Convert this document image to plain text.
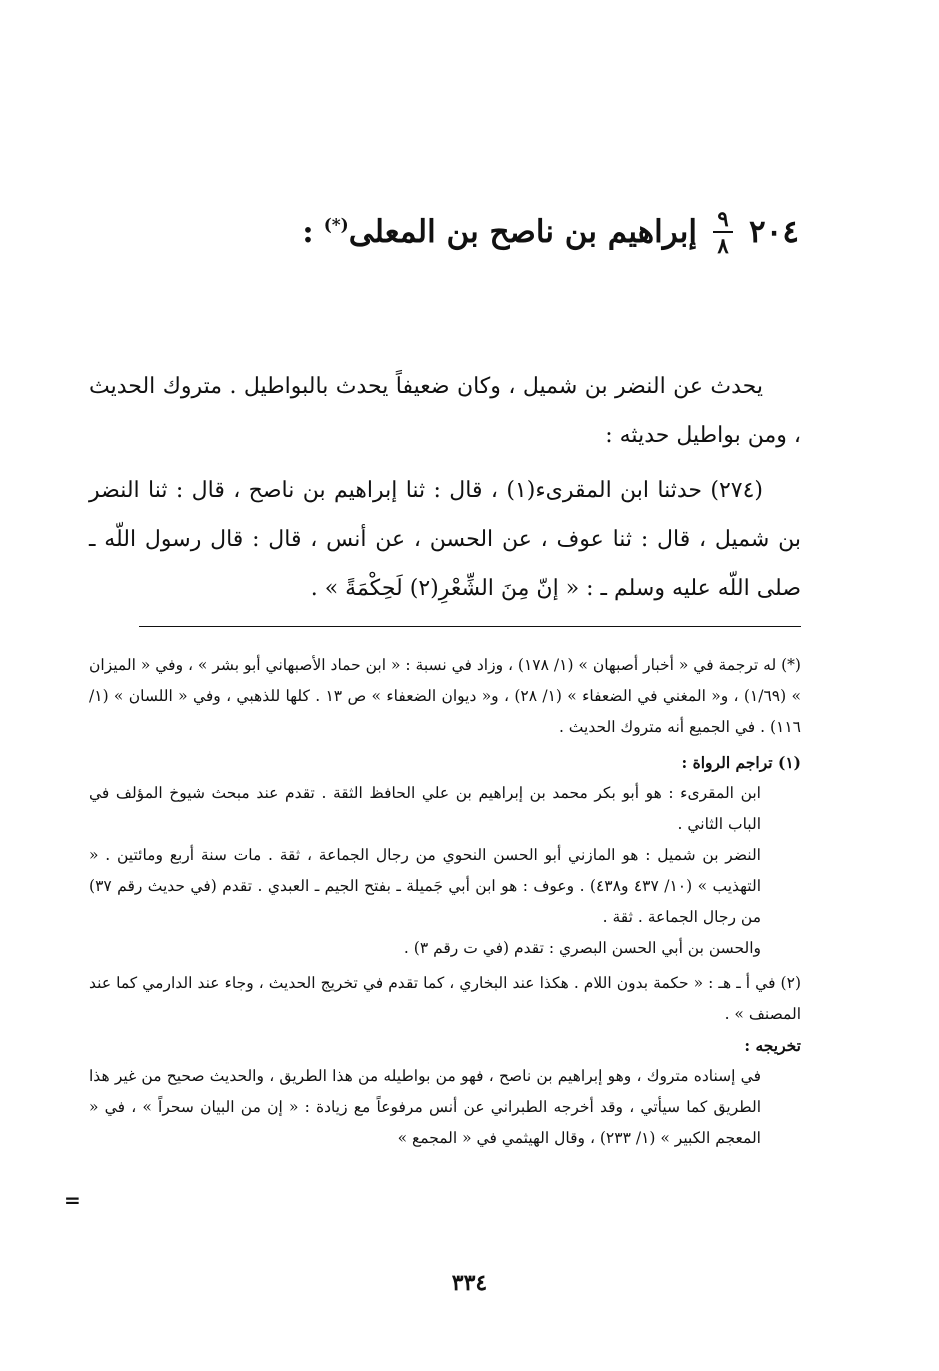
٢٠٤
$\frac{٩}{٨}$
إبراهيم بن ناصح بن المعلى(*)
:

يحدث عن النضر بن شميل ، وكان ضعيفاً يحدث بالبواطيل . متروك الحديث ، ومن بواطيل حديثه :

(٢٧٤) حدثنا ابن المقرىء(١) ، قال : ثنا إبراهيم بن ناصح ، قال : ثنا النضر بن شميل ، قال : ثنا عوف ، عن الحسن ، عن أنس ، قال : قال رسول اللّه ـ صلى اللّه عليه وسلم ـ : « إنّ مِنَ الشِّعْرِ(٢) لَحِكْمَةً » .

(*) له ترجمة في « أخبار أصبهان » (١/ ١٧٨) ، وزاد في نسبة : « ابن حماد الأصبهاني أبو بشر » ، وفي « الميزان » (١/٦٩) ، و« المغني في الضعفاء » (١/ ٢٨) ، و« ديوان الضعفاء » ص ١٣ . كلها للذهبي ، وفي « اللسان » (١/ ١١٦) . في الجميع أنه متروك الحديث .

(١) تراجم الرواة :

ابن المقرىء : هو أبو بكر محمد بن إبراهيم بن علي الحافظ الثقة . تقدم عند مبحث شيوخ المؤلف في الباب الثاني .

النضر بن شميل : هو المازني أبو الحسن النحوي من رجال الجماعة ، ثقة . مات سنة أربع ومائتين . « التهذيب » (١٠/ ٤٣٧ و٤٣٨) . وعوف : هو ابن أبي جَميلة ـ بفتح الجيم ـ العبدي . تقدم (في حديث رقم ٣٧) من رجال الجماعة . ثقة .

والحسن بن أبي الحسن البصري : تقدم (في ت رقم ٣) .

(٢) في أ ـ هـ : « حكمة بدون اللام . هكذا عند البخاري ، كما تقدم في تخريج الحديث ، وجاء عند الدارمي كما عند المصنف » .

تخريجه :

في إسناده متروك ، وهو إبراهيم بن ناصح ، فهو من بواطيله من هذا الطريق ، والحديث صحيح من غير هذا الطريق كما سيأتي ، وقد أخرجه الطبراني عن أنس مرفوعاً مع زيادة : « إن من البيان سحراً » ، في « المعجم الكبير » (١/ ٢٣٣) ، وقال الهيثمي في « المجمع »

=
٣٣٤
